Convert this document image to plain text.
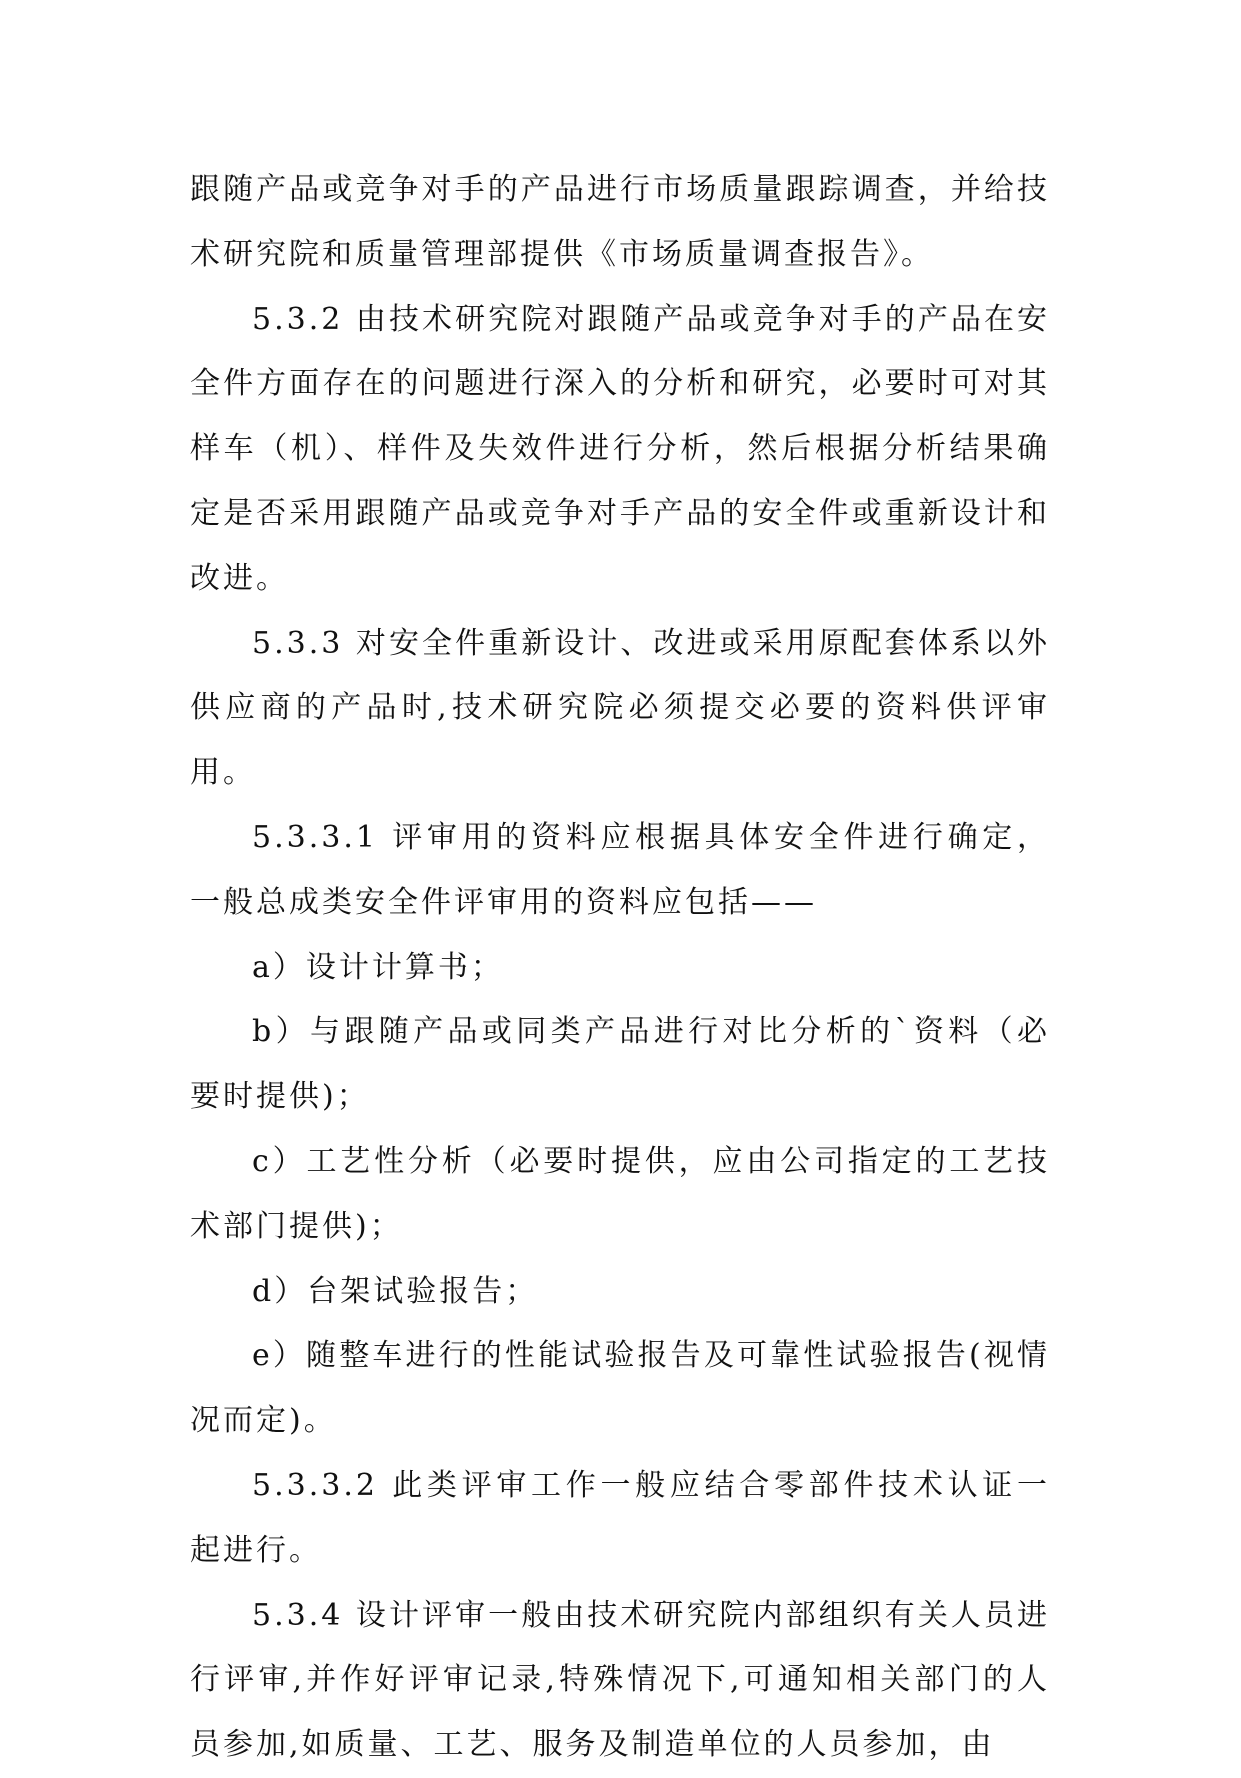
跟随产品或竞争对手的产品进行市场质量跟踪调查，并给技术研究院和质量管理部提供《市场质量调查报告》。

5.3.2 由技术研究院对跟随产品或竞争对手的产品在安全件方面存在的问题进行深入的分析和研究，必要时可对其样车（机）、样件及失效件进行分析，然后根据分析结果确定是否采用跟随产品或竞争对手产品的安全件或重新设计和改进。

5.3.3 对安全件重新设计、改进或采用原配套体系以外供应商的产品时,技术研究院必须提交必要的资料供评审用。

5.3.3.1 评审用的资料应根据具体安全件进行确定，一般总成类安全件评审用的资料应包括——

a）设计计算书；

b）与跟随产品或同类产品进行对比分析的`资料（必要时提供)；

c）工艺性分析（必要时提供，应由公司指定的工艺技术部门提供)；

d）台架试验报告；

e）随整车进行的性能试验报告及可靠性试验报告(视情况而定)。

5.3.3.2 此类评审工作一般应结合零部件技术认证一起进行。

5.3.4 设计评审一般由技术研究院内部组织有关人员进行评审,并作好评审记录,特殊情况下,可通知相关部门的人员参加,如质量、工艺、服务及制造单位的人员参加，由
